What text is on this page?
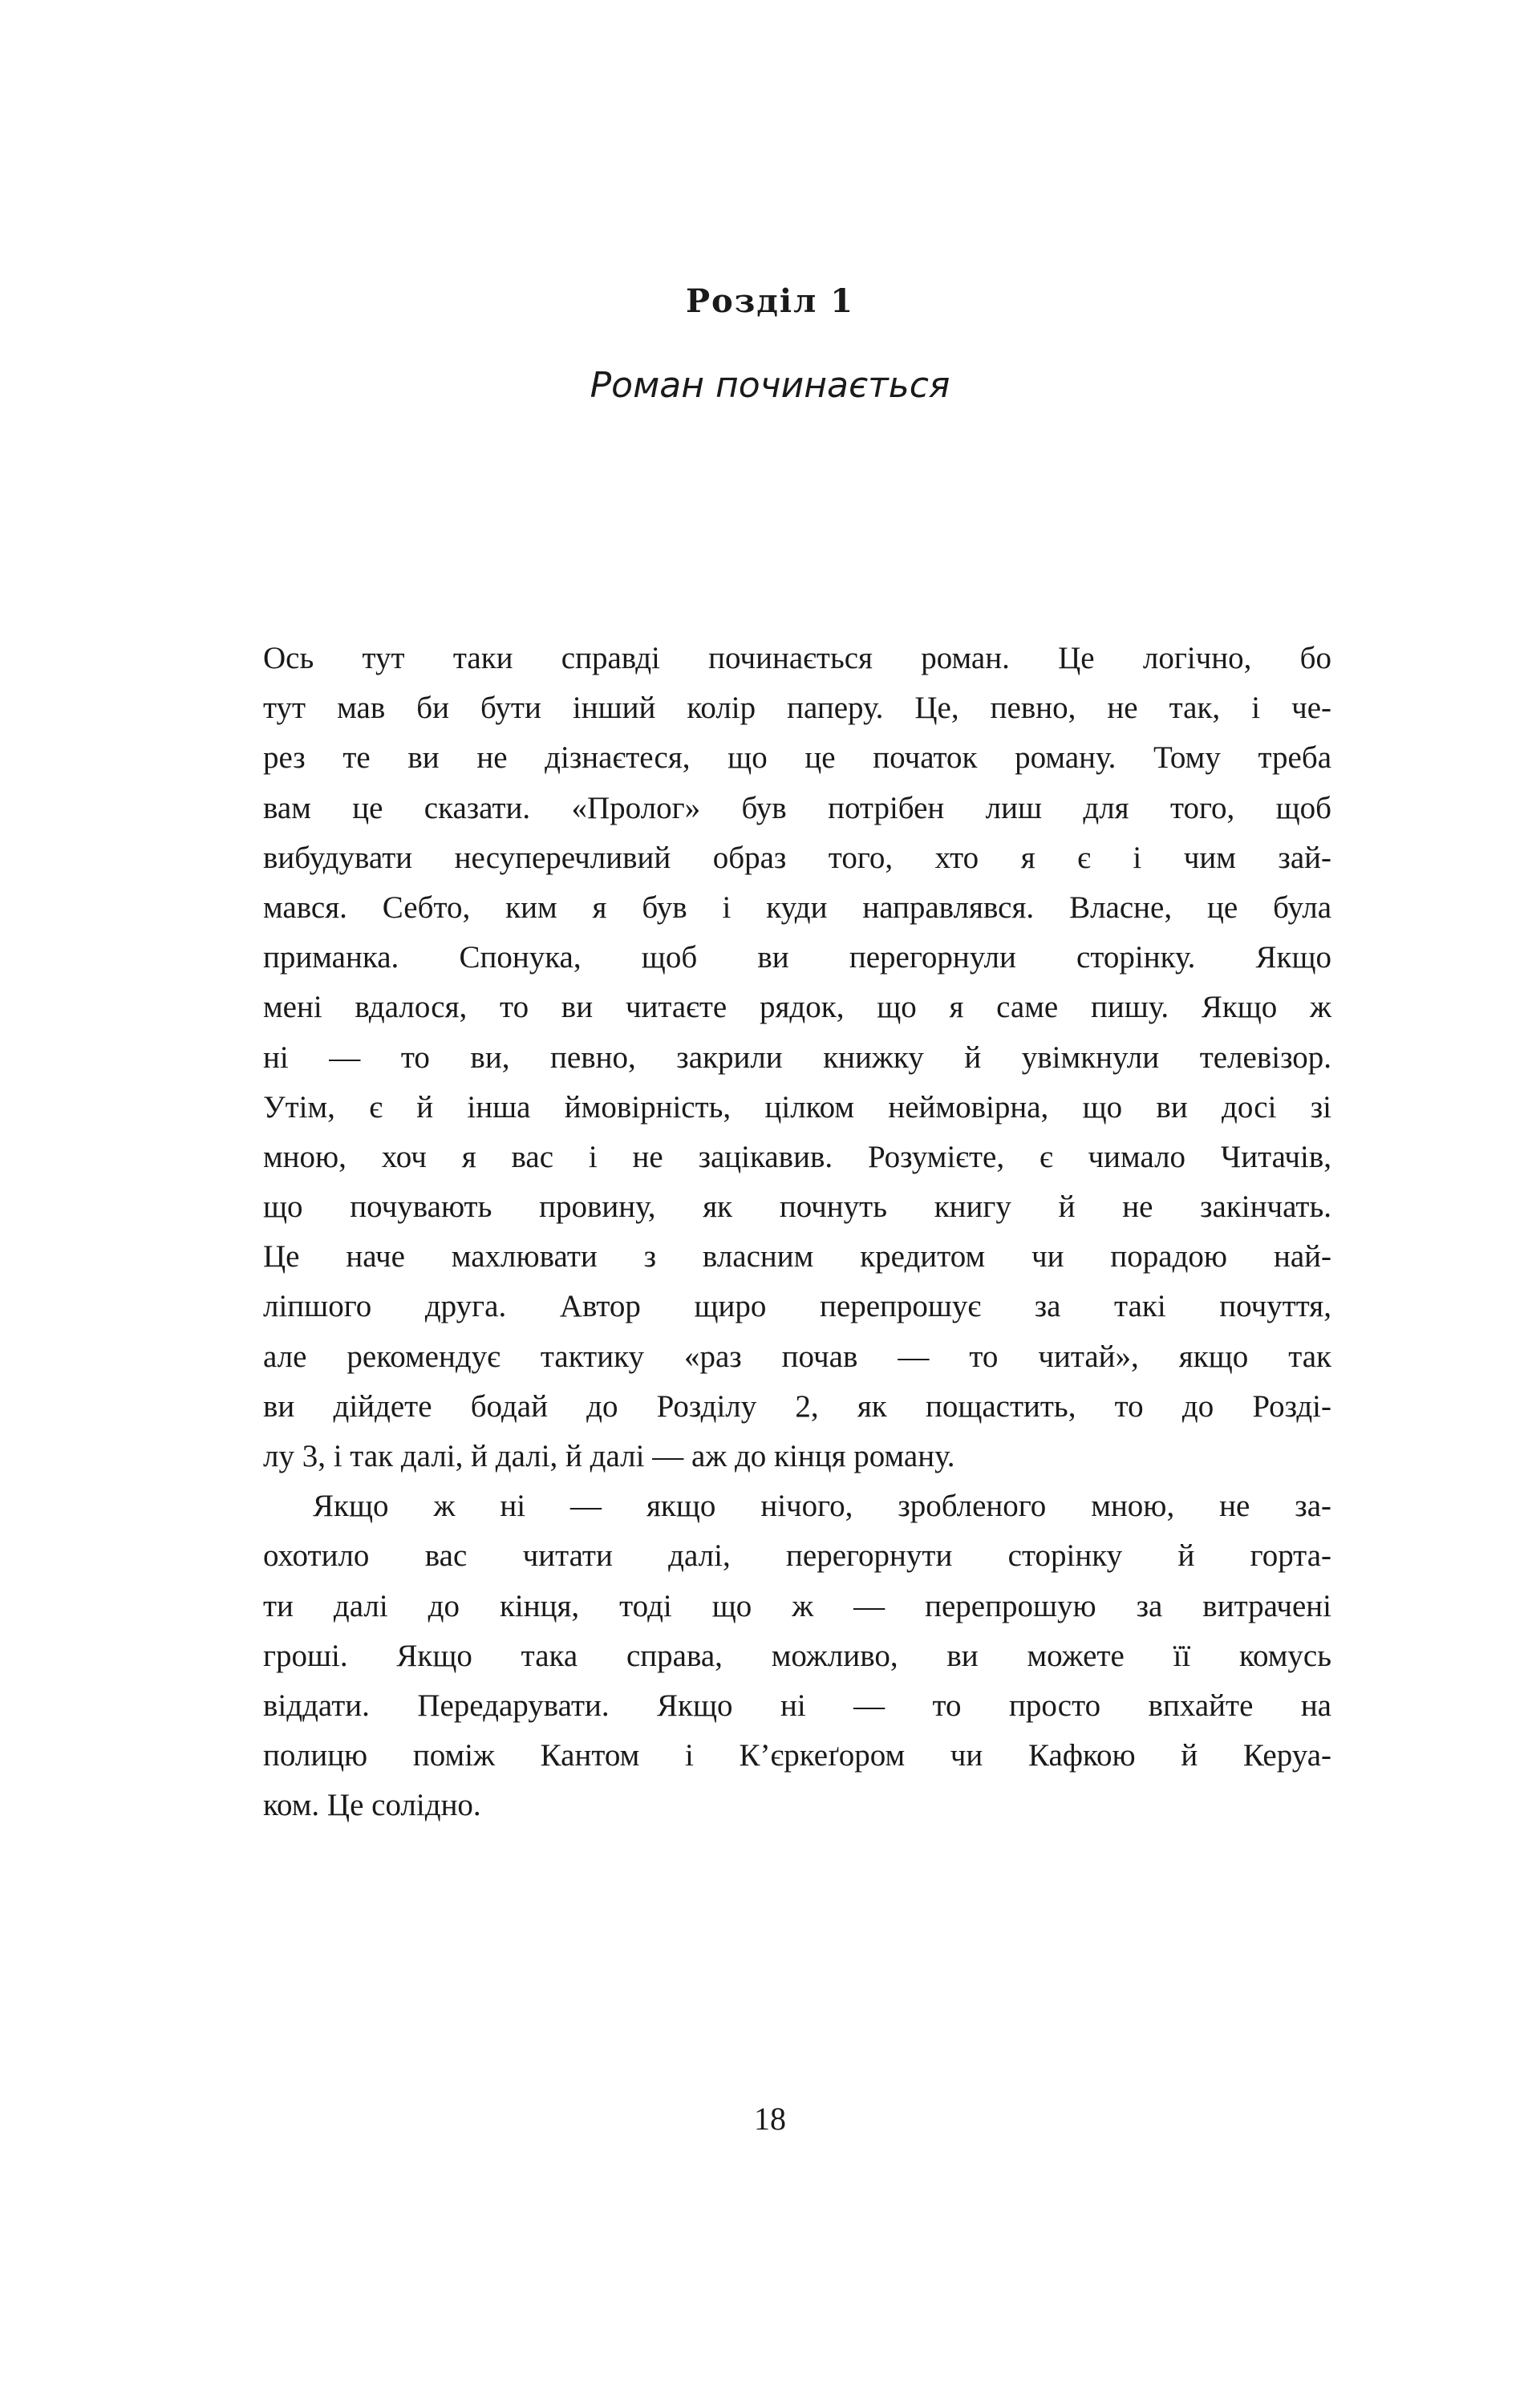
Розділ 1
Роман починається
Ось тут таки справді починається роман. Це логічно, бо
тут мав би бути інший колір паперу. Це, певно, не так, і че-
рез те ви не дізнаєтеся, що це початок роману. Тому треба
вам це сказати. «Пролог» був потрібен лиш для того, щоб
вибудувати несуперечливий образ того, хто я є і чим зай-
мався. Себто, ким я був і куди направлявся. Власне, це була
приманка. Спонука, щоб ви перегорнули сторінку. Якщо
мені вдалося, то ви читаєте рядок, що я саме пишу. Якщо ж
ні — то ви, певно, закрили книжку й увімкнули телевізор.
Утім, є й інша ймовірність, цілком неймовірна, що ви досі зі
мною, хоч я вас і не зацікавив. Розумієте, є чимало Читачів,
що почувають провину, як почнуть книгу й не закінчать.
Це наче махлювати з власним кредитом чи порадою най-
ліпшого друга. Автор щиро перепрошує за такі почуття,
але рекомендує тактику «раз почав — то читай», якщо так
ви дійдете бодай до Розділу 2, як пощастить, то до Розді-
лу 3, і так далі, й далі, й далі — аж до кінця роману.
Якщо ж ні — якщо нічого, зробленого мною, не за-
охотило вас читати далі, перегорнути сторінку й горта-
ти далі до кінця, тоді що ж — перепрошую за витрачені
гроші. Якщо така справа, можливо, ви можете її комусь
віддати. Передарувати. Якщо ні — то просто впхайте на
полицю поміж Кантом і К’єркеґором чи Кафкою й Керуа-
ком. Це солідно.
18
